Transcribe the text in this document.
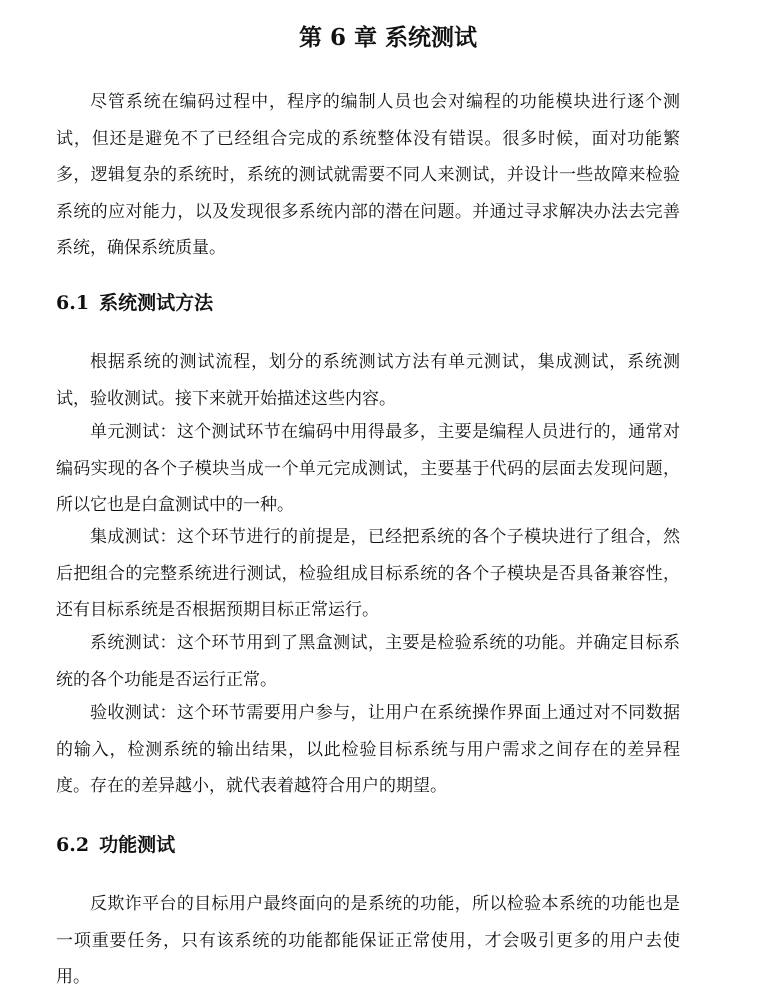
第 6 章 系统测试

尽管系统在编码过程中，程序的编制人员也会对编程的功能模块进行逐个测试，但还是避免不了已经组合完成的系统整体没有错误。很多时候，面对功能繁多，逻辑复杂的系统时，系统的测试就需要不同人来测试，并设计一些故障来检验系统的应对能力，以及发现很多系统内部的潜在问题。并通过寻求解决办法去完善系统，确保系统质量。

6.1 系统测试方法

根据系统的测试流程，划分的系统测试方法有单元测试，集成测试，系统测试，验收测试。接下来就开始描述这些内容。

单元测试：这个测试环节在编码中用得最多，主要是编程人员进行的，通常对编码实现的各个子模块当成一个单元完成测试，主要基于代码的层面去发现问题，所以它也是白盒测试中的一种。

集成测试：这个环节进行的前提是，已经把系统的各个子模块进行了组合，然后把组合的完整系统进行测试，检验组成目标系统的各个子模块是否具备兼容性，还有目标系统是否根据预期目标正常运行。

系统测试：这个环节用到了黑盒测试，主要是检验系统的功能。并确定目标系统的各个功能是否运行正常。

验收测试：这个环节需要用户参与，让用户在系统操作界面上通过对不同数据的输入，检测系统的输出结果，以此检验目标系统与用户需求之间存在的差异程度。存在的差异越小，就代表着越符合用户的期望。

6.2 功能测试

反欺诈平台的目标用户最终面向的是系统的功能，所以检验本系统的功能也是一项重要任务，只有该系统的功能都能保证正常使用，才会吸引更多的用户去使用。
